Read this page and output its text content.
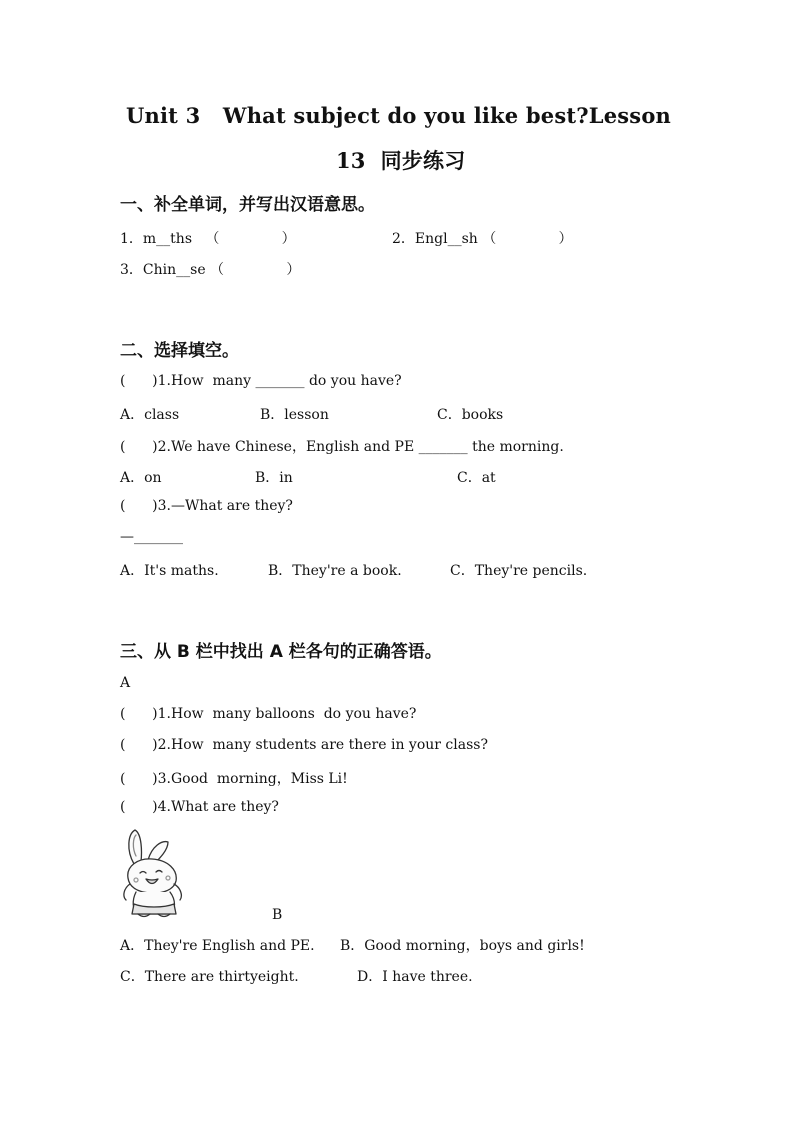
Unit 3   What subject do you like best?Lesson
13  同步练习
一、补全单词，并写出汉语意思。
1．m__ths   （              ）	2．Engl__sh （              ）
3．Chin__se （              ）
二、选择填空。
(      )1.How  many _______ do you have?
A．class	B．lesson	C．books
(      )2.We have Chinese，English and PE _______ the morning.
A．on	B．in	C．at
(      )3.—What are they?
—_______
A．It's maths.	B．They're a book.	C．They're pencils.
三、从 B 栏中找出 A 栏各句的正确答语。
A
(      )1.How  many balloons  do you have?
(      )2.How  many students are there in your class?
(      )3.Good  morning，Miss Li!
(      )4.What are they?
B
A．They're English and PE. B．Good morning，boys and girls!
C．There are thirtyeight.	D．I have three.
